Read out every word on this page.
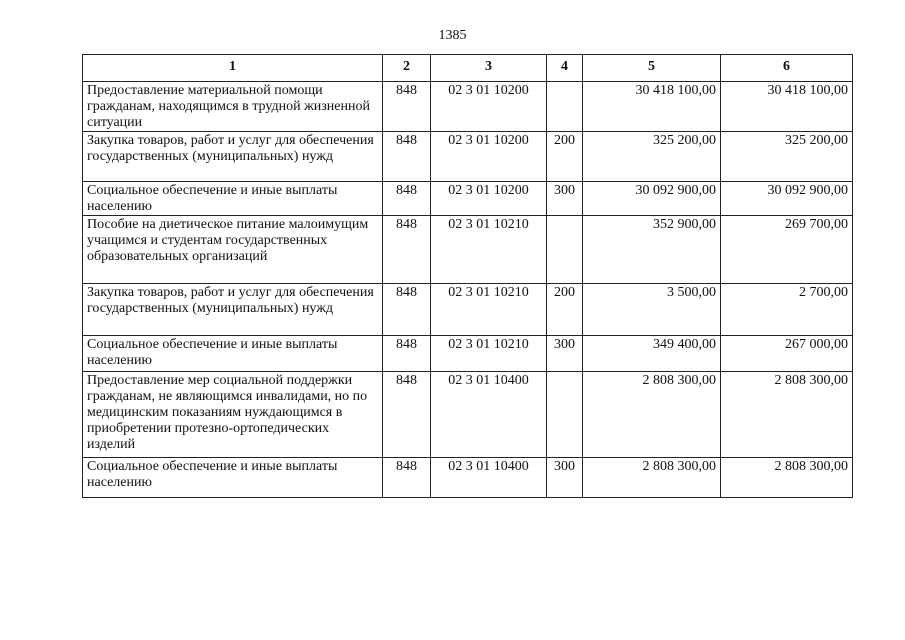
1385
1	2	3	4	5	6
Предоставление материальной помощи гражданам, находящимся в трудной жизненной ситуации	848	02 3 01 10200		30 418 100,00	30 418 100,00
Закупка товаров, работ и услуг для обеспечения государственных (муниципальных) нужд	848	02 3 01 10200	200	325 200,00	325 200,00
Социальное обеспечение и иные выплаты населению	848	02 3 01 10200	300	30 092 900,00	30 092 900,00
Пособие на диетическое питание малоимущим учащимся и студентам государственных образовательных организаций	848	02 3 01 10210		352 900,00	269 700,00
Закупка товаров, работ и услуг для обеспечения государственных (муниципальных) нужд	848	02 3 01 10210	200	3 500,00	2 700,00
Социальное обеспечение и иные выплаты населению	848	02 3 01 10210	300	349 400,00	267 000,00
Предоставление мер социальной поддержки гражданам, не являющимся инвалидами, но по медицинским показаниям нуждающимся в приобретении протезно-ортопедических изделий	848	02 3 01 10400		2 808 300,00	2 808 300,00
Социальное обеспечение и иные выплаты населению	848	02 3 01 10400	300	2 808 300,00	2 808 300,00
